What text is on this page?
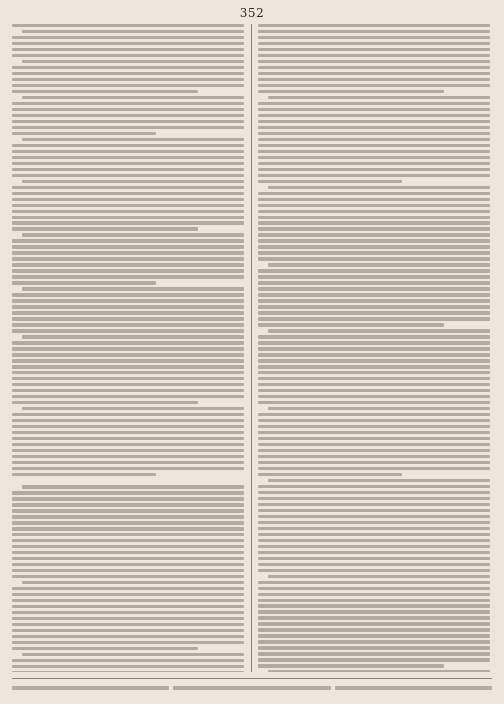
352
